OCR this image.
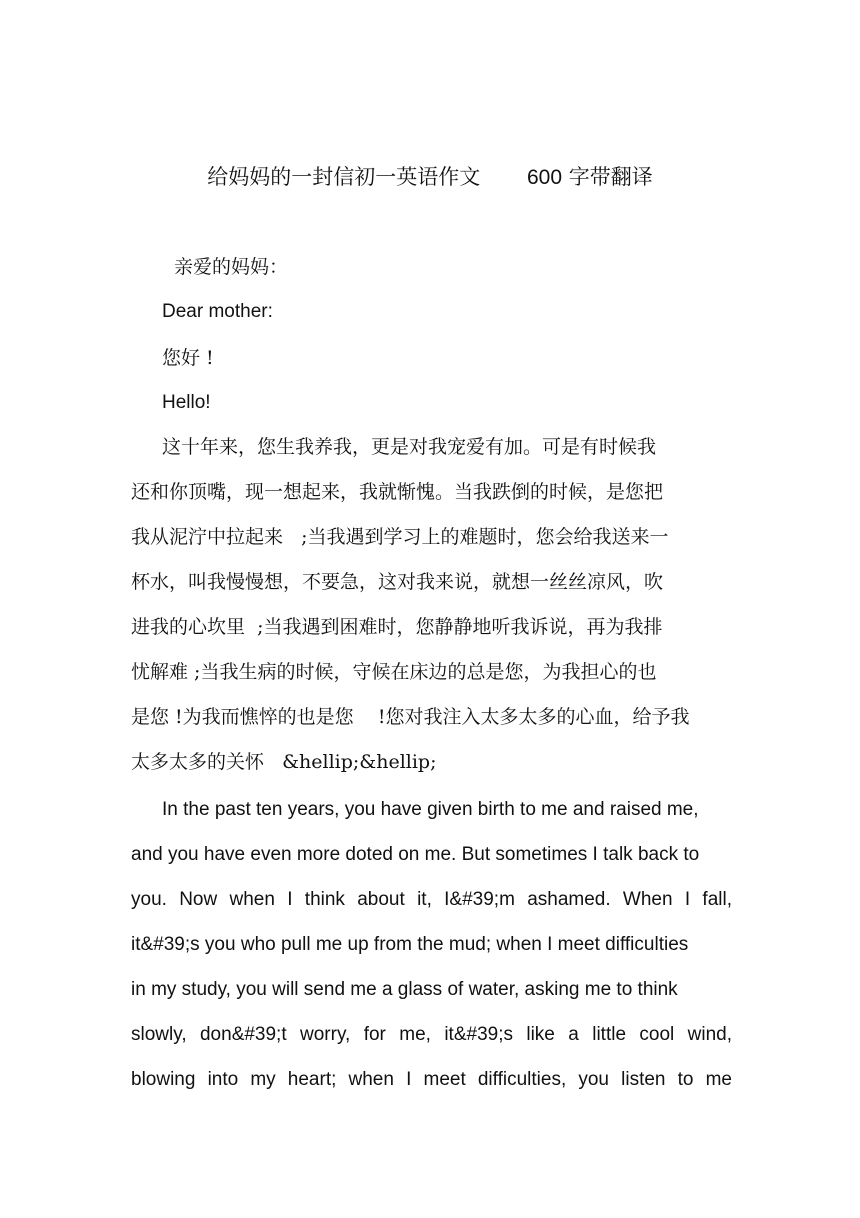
给妈妈的一封信初一英语作文 600 字带翻译
亲爱的妈妈：
Dear mother:
您好 !
Hello!
这十年来，您生我养我，更是对我宠爱有加。可是有时候我
还和你顶嘴，现一想起来，我就惭愧。当我跌倒的时候，是您把
我从泥泞中拉起来   ;当我遇到学习上的难题时，您会给我送来一
杯水，叫我慢慢想，不要急，这对我来说，就想一丝丝凉风，吹
进我的心坎里  ;当我遇到困难时，您静静地听我诉说，再为我排
忧解难 ;当我生病的时候，守候在床边的总是您，为我担心的也
是您 !为我而憔悴的也是您    !您对我注入太多太多的心血，给予我
太多太多的关怀   &hellip;&hellip;
In the past ten years, you have given birth to me and raised me,
and you have even more doted on me. But sometimes I talk back to
you. Now when I think about it, I&#39;m ashamed. When I fall,
it&#39;s you who pull me up from the mud; when I meet difficulties
in my study, you will send me a glass of water, asking me to think
slowly, don&#39;t worry, for me, it&#39;s like a little cool wind,
blowing into my heart; when I meet difficulties, you listen to me
